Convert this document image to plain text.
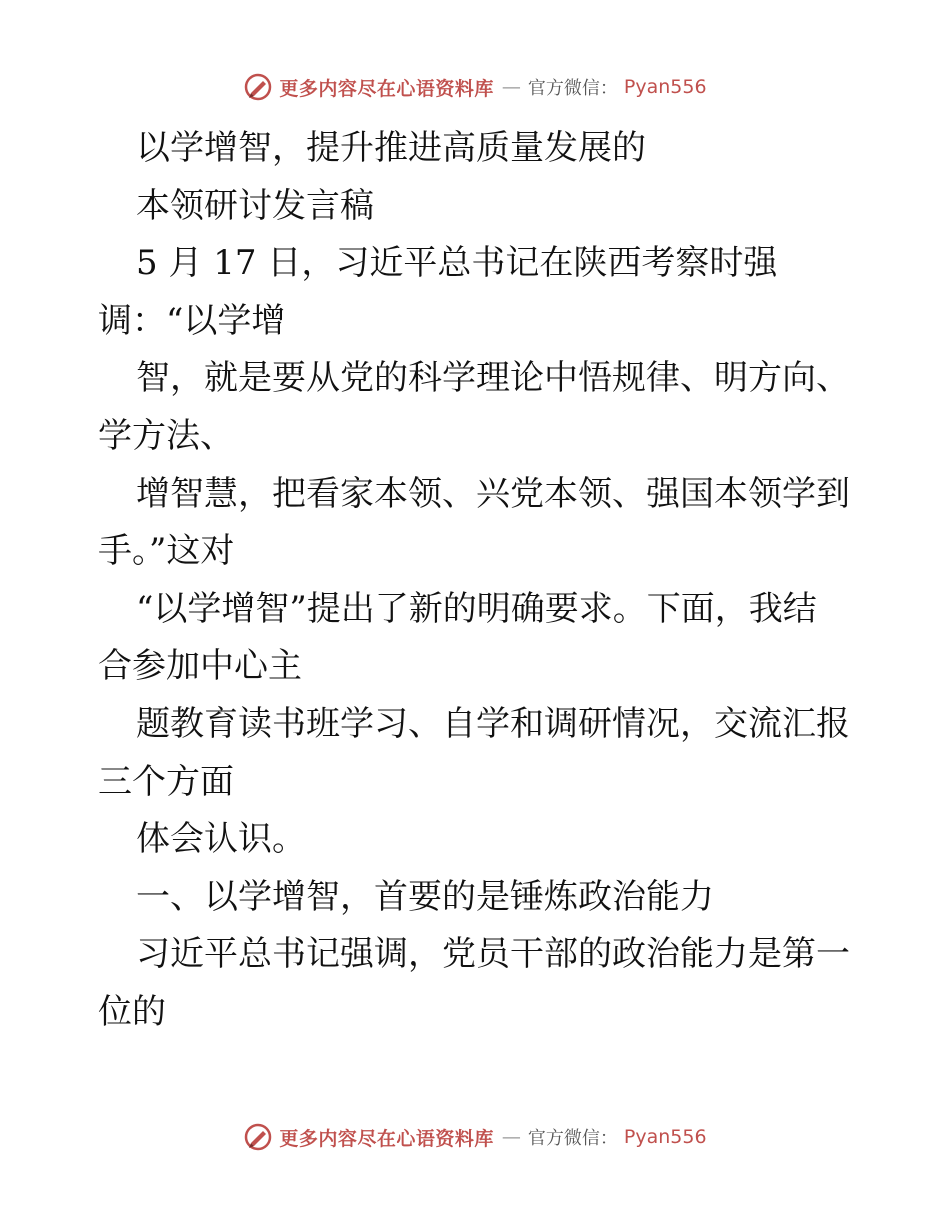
更多内容尽在心语资料库 — 官方微信： Pyan556
以学增智，提升推进高质量发展的
本领研讨发言稿
5 月 17 日，习近平总书记在陕西考察时强
调：“以学增
智，就是要从党的科学理论中悟规律、明方向、
学方法、
增智慧，把看家本领、兴党本领、强国本领学到
手。”这对
“以学增智”提出了新的明确要求。下面，我结
合参加中心主
题教育读书班学习、自学和调研情况，交流汇报
三个方面
体会认识。
一、以学增智，首要的是锤炼政治能力
习近平总书记强调，党员干部的政治能力是第一
位的
更多内容尽在心语资料库 — 官方微信： Pyan556
